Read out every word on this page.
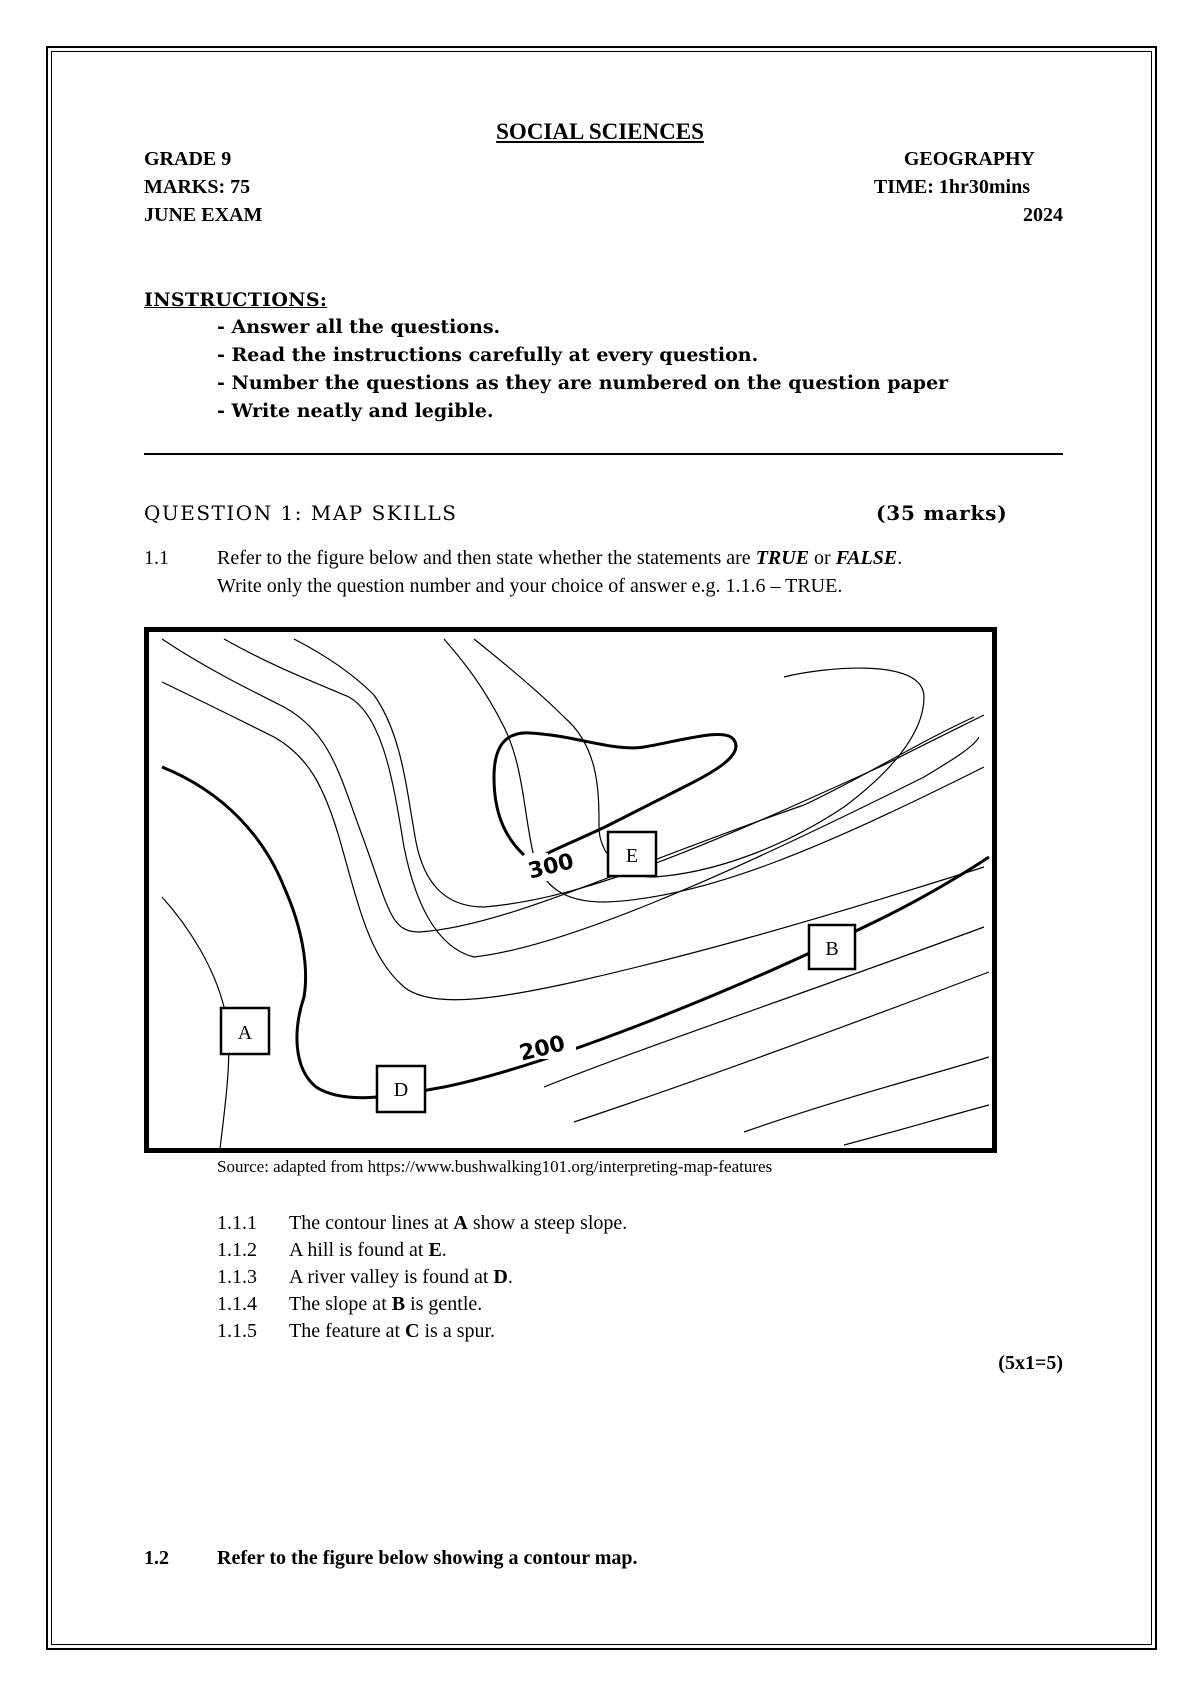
SOCIAL SCIENCES
GRADE 9	GEOGRAPHY
MARKS: 75	TIME: 1hr30mins
JUNE EXAM	2024
INSTRUCTIONS:
- Answer all the questions.
- Read the instructions carefully at every question.
- Number the questions as they are numbered on the question paper
- Write neatly and legible.
QUESTION 1: MAP SKILLS	(35 marks)
1.1 Refer to the figure below and then state whether the statements are TRUE or FALSE.
Write only the question number and your choice of answer e.g. 1.1.6 – TRUE.
200
300 E
B
A
D
Source: adapted from https://www.bushwalking101.org/interpreting-map-features
1.1.1 The contour lines at A show a steep slope.
1.1.2 A hill is found at E.
1.1.3 A river valley is found at D.
1.1.4 The slope at B is gentle.
1.1.5 The feature at C is a spur.
(5x1=5)
1.2 Refer to the figure below showing a contour map.
